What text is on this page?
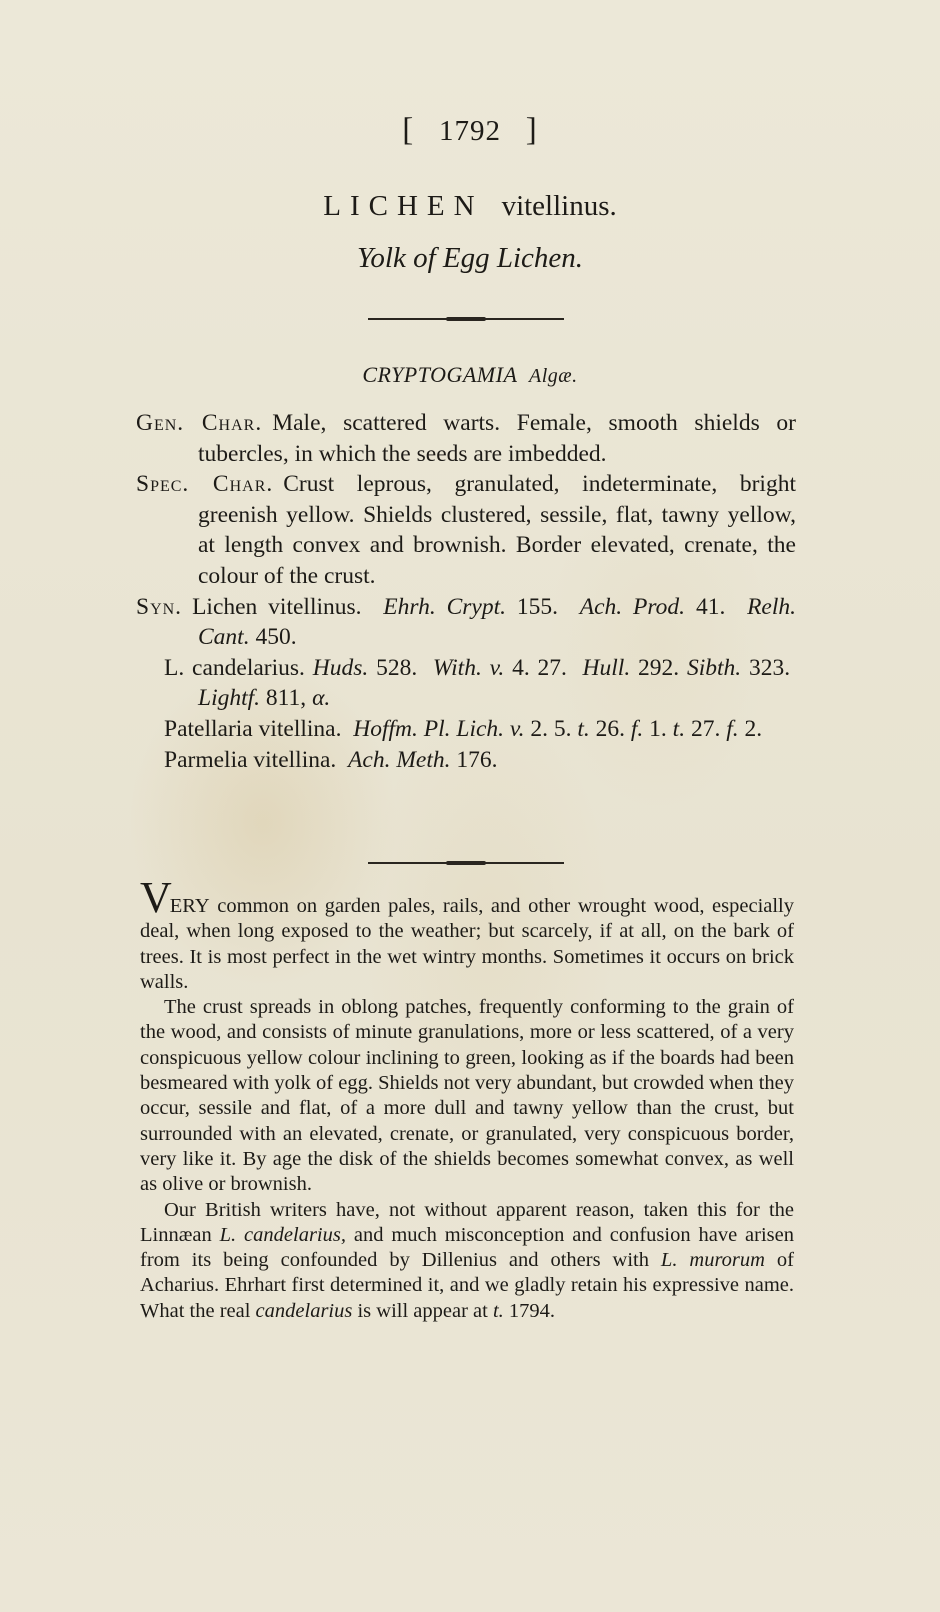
[ 1792 ]
LICHEN vitellinus.
Yolk of Egg Lichen.
CRYPTOGAMIA Algæ.

Gen. Char. Male, scattered warts. Female, smooth shields or tubercles, in which the seeds are imbedded.

Spec. Char. Crust leprous, granulated, indeterminate, bright greenish yellow. Shields clustered, sessile, flat, tawny yellow, at length convex and brownish. Border elevated, crenate, the colour of the crust.

Syn. Lichen vitellinus. Ehrh. Crypt. 155. Ach. Prod. 41. Relh. Cant. 450.

L. candelarius. Huds. 528. With. v. 4. 27. Hull. 292. Sibth. 323.  Lightf. 811, α.

Patellaria vitellina. Hoffm. Pl. Lich. v. 2. 5. t. 26. f. 1. t. 27. f. 2.

Parmelia vitellina. Ach. Meth. 176.

VERY common on garden pales, rails, and other wrought wood, especially deal, when long exposed to the weather; but scarcely, if at all, on the bark of trees. It is most perfect in the wet wintry months. Sometimes it occurs on brick walls.

The crust spreads in oblong patches, frequently conforming to the grain of the wood, and consists of minute granulations, more or less scattered, of a very conspicuous yellow colour inclining to green, looking as if the boards had been besmeared with yolk of egg. Shields not very abundant, but crowded when they occur, sessile and flat, of a more dull and tawny yellow than the crust, but surrounded with an elevated, crenate, or granulated, very conspicuous border, very like it. By age the disk of the shields becomes somewhat convex, as well as olive or brownish.

Our British writers have, not without apparent reason, taken this for the Linnæan L. candelarius, and much misconception and confusion have arisen from its being confounded by Dillenius and others with L. murorum of Acharius. Ehrhart first determined it, and we gladly retain his expressive name. What the real candelarius is will appear at t. 1794.
